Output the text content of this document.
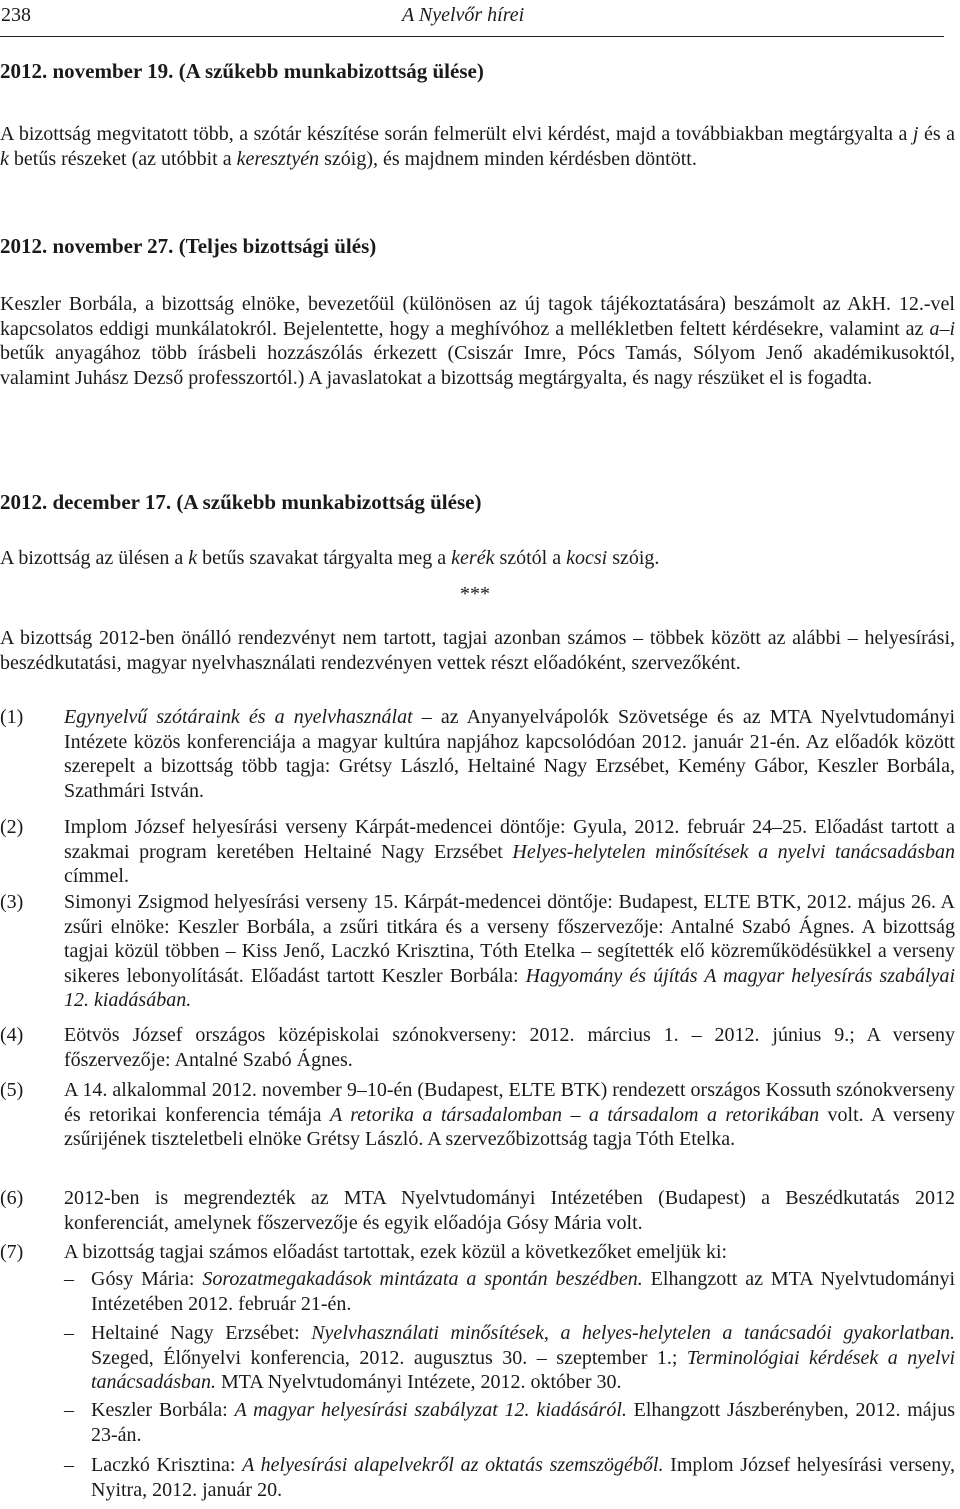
238	A Nyelvőr hírei
2012. november 19. (A szűkebb munkabizottság ülése)
A bizottság megvitatott több, a szótár készítése során felmerült elvi kérdést, majd a továbbiakban megtárgyalta a j és a k betűs részeket (az utóbbit a keresztyén szóig), és majdnem minden kérdésben döntött.
2012. november 27. (Teljes bizottsági ülés)
Keszler Borbála, a bizottság elnöke, bevezetőül (különösen az új tagok tájékoztatására) beszámolt az AkH. 12.-vel kapcsolatos eddigi munkálatokról. Bejelentette, hogy a meghívóhoz a mellékletben feltett kérdésekre, valamint az a–i betűk anyagához több írásbeli hozzászólás érkezett (Csiszár Imre, Pócs Tamás, Sólyom Jenő akadémikusoktól, valamint Juhász Dezső professzortól.) A javaslatokat a bizottság megtárgyalta, és nagy részüket el is fogadta.
2012. december 17. (A szűkebb munkabizottság ülése)
A bizottság az ülésen a k betűs szavakat tárgyalta meg a kerék szótól a kocsi szóig.
***
A bizottság 2012-ben önálló rendezvényt nem tartott, tagjai azonban számos – többek között az alábbi – helyesírási, beszédkutatási, magyar nyelvhasználati rendezvényen vettek részt előadóként, szervezőként.
(1) Egynyelvű szótáraink és a nyelvhasználat – az Anyanyelvápolók Szövetsége és az MTA Nyelvtudományi Intézete közös konferenciája a magyar kultúra napjához kapcsolódóan 2012. január 21-én. Az előadók között szerepelt a bizottság több tagja: Grétsy László, Heltainé Nagy Erzsébet, Kemény Gábor, Keszler Borbála, Szathmári István.
(2) Implom József helyesírási verseny Kárpát-medencei döntője: Gyula, 2012. február 24–25. Előadást tartott a szakmai program keretében Heltainé Nagy Erzsébet Helyes-helytelen minősítések a nyelvi tanácsadásban címmel.
(3) Simonyi Zsigmod helyesírási verseny 15. Kárpát-medencei döntője: Budapest, ELTE BTK, 2012. május 26. A zsűri elnöke: Keszler Borbála, a zsűri titkára és a verseny főszervezője: Antalné Szabó Ágnes. A bizottság tagjai közül többen – Kiss Jenő, Laczkó Krisztina, Tóth Etelka – segítették elő közreműködésükkel a verseny sikeres lebonyolítását. Előadást tartott Keszler Borbála: Hagyomány és újítás A magyar helyesírás szabályai 12. kiadásában.
(4) Eötvös József országos középiskolai szónokverseny: 2012. március 1. – 2012. június 9.; A verseny főszervezője: Antalné Szabó Ágnes.
(5) A 14. alkalommal 2012. november 9–10-én (Budapest, ELTE BTK) rendezett országos Kossuth szónokverseny és retorikai konferencia témája A retorika a társadalomban – a társadalom a retorikában volt. A verseny zsűrijének tiszteletbeli elnöke Grétsy László. A szervezőbizottság tagja Tóth Etelka.
(6) 2012-ben is megrendezték az MTA Nyelvtudományi Intézetében (Budapest) a Beszédkutatás 2012 konferenciát, amelynek főszervezője és egyik előadója Gósy Mária volt.
(7) A bizottság tagjai számos előadást tartottak, ezek közül a következőket emeljük ki:
– Gósy Mária: Sorozatmegakadások mintázata a spontán beszédben. Elhangzott az MTA Nyelvtudományi Intézetében 2012. február 21-én.
– Heltainé Nagy Erzsébet: Nyelvhasználati minősítések, a helyes-helytelen a tanácsadói gyakorlatban. Szeged, Élőnyelvi konferencia, 2012. augusztus 30. – szeptember 1.; Terminológiai kérdések a nyelvi tanácsadásban. MTA Nyelvtudományi Intézete, 2012. október 30.
– Keszler Borbála: A magyar helyesírási szabályzat 12. kiadásáról. Elhangzott Jászberényben, 2012. május 23-án.
– Laczkó Krisztina: A helyesírási alapelvekről az oktatás szemszögéből. Implom József helyesírási verseny, Nyitra, 2012. január 20.
